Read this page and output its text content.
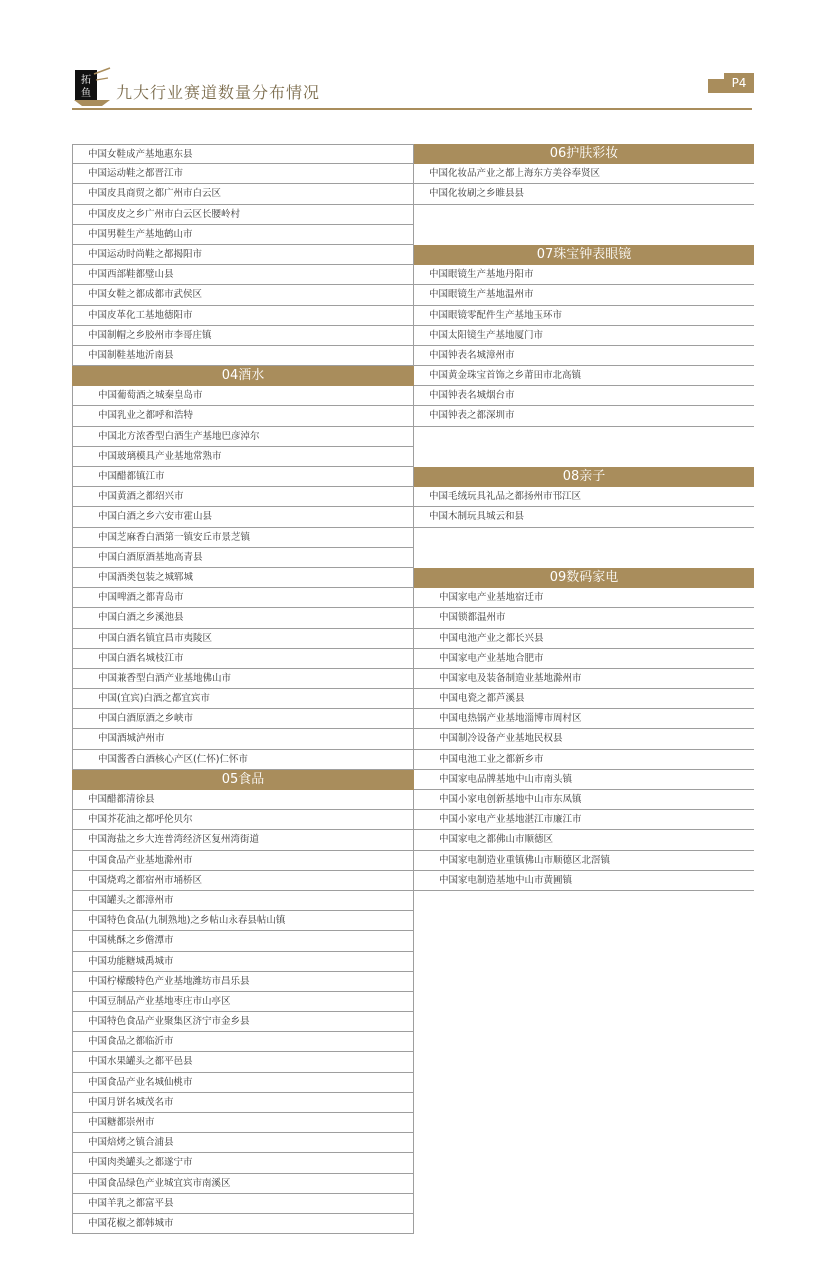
拓
鱼 九大行业赛道数量分布情况	P4
中国女鞋成产基地惠东县
中国运动鞋之都晋江市
中国皮具商贸之都广州市白云区
中国皮皮之乡广州市白云区长腰岭村
中国男鞋生产基地鹤山市
中国运动时尚鞋之都揭阳市
中国西部鞋都璧山县
中国女鞋之都成都市武侯区
中国皮革化工基地德阳市
中国制帽之乡胶州市李哥庄镇
中国制鞋基地沂南县
04酒水
中国葡萄酒之城秦皇岛市
中国乳业之都呼和浩特
中国北方浓香型白酒生产基地巴彦淖尔
中国玻璃模具产业基地常熟市
中国醋都镇江市
中国黄酒之都绍兴市
中国白酒之乡六安市霍山县
中国芝麻香白酒第一镇安丘市景芝镇
中国白酒原酒基地高青县
中国酒类包装之城郓城
中国啤酒之都青岛市
中国白酒之乡溪池县
中国白酒名镇宜昌市夷陵区
中国白酒名城枝江市
中国兼香型白酒产业基地佛山市
中国(宜宾)白酒之都宜宾市
中国白酒原酒之乡峡市
中国酒城泸州市
中国酱香白酒核心产区(仁怀)仁怀市
05食品
中国醋都清徐县
中国芥花油之都呼伦贝尔
中国海盐之乡大连普湾经济区复州湾街道
中国食品产业基地滁州市
中国烧鸡之都宿州市埇桥区
中国罐头之都漳州市
中国特色食品(九制熟地)之乡帖山永春县帖山镇
中国桃酥之乡儋潭市
中国功能糖城禹城市
中国柠檬酸特色产业基地潍坊市昌乐县
中国豆制品产业基地枣庄市山亭区
中国特色食品产业聚集区济宁市金乡县
中国食品之都临沂市
中国水果罐头之都平邑县
中国食品产业名城仙桃市
中国月饼名城茂名市
中国糖都崇州市
中国焙烤之镇合浦县
中国肉类罐头之都遂宁市
中国食品绿色产业城宜宾市南溪区
中国羊乳之都富平县
中国花椒之都韩城市
06护肤彩妆
中国化妆品产业之都上海东方美谷奉贤区
中国化妆刷之乡睢县县
07珠宝钟表眼镜
中国眼镜生产基地丹阳市
中国眼镜生产基地温州市
中国眼镜零配件生产基地玉环市
中国太阳镜生产基地厦门市
中国钟表名城漳州市
中国黄金珠宝首饰之乡莆田市北高镇
中国钟表名城烟台市
中国钟表之都深圳市
08亲子
中国毛绒玩具礼品之都扬州市邗江区
中国木制玩具城云和县
09数码家电
中国家电产业基地宿迁市
中国锁都温州市
中国电池产业之都长兴县
中国家电产业基地合肥市
中国家电及装备制造业基地滁州市
中国电瓷之都芦溪县
中国电热锅产业基地淄博市周村区
中国制冷设备产业基地民权县
中国电池工业之都新乡市
中国家电品牌基地中山市南头镇
中国小家电创新基地中山市东凤镇
中国小家电产业基地湛江市廉江市
中国家电之都佛山市顺德区
中国家电制造业重镇佛山市顺德区北滘镇
中国家电制造基地中山市黄圃镇
